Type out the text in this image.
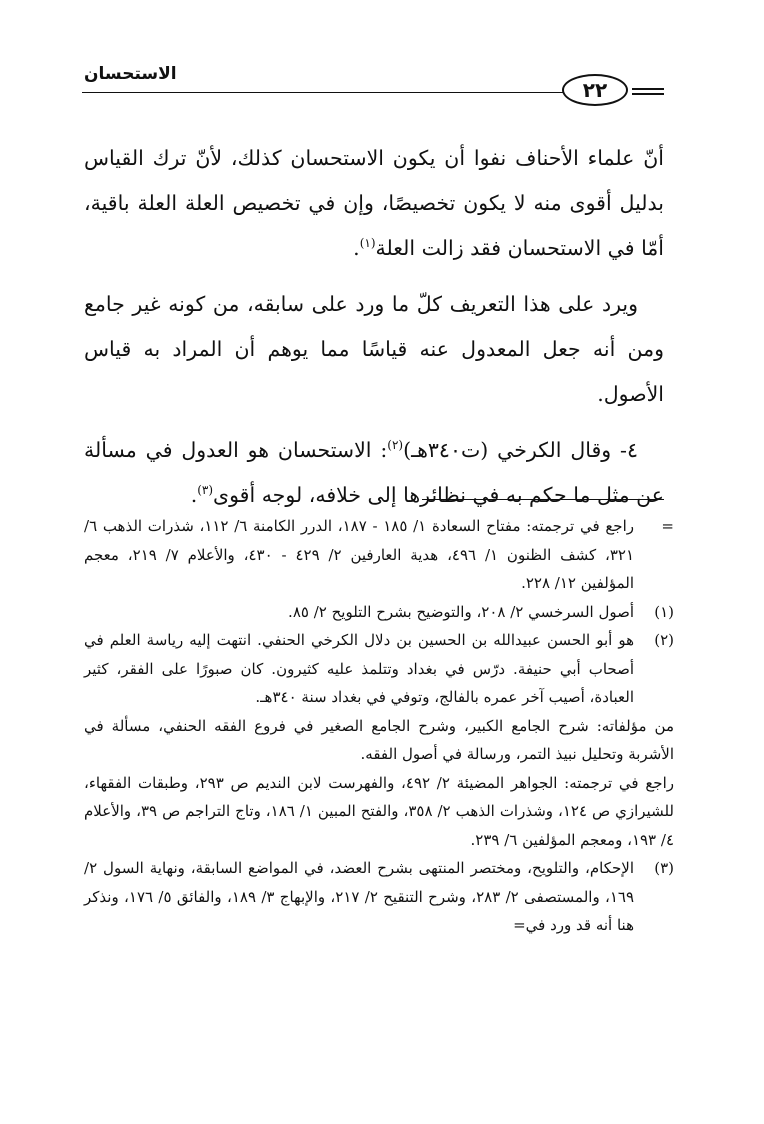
الاستحسان
٢٢

أنّ علماء الأحناف نفوا أن يكون الاستحسان كذلك، لأنّ ترك القياس بدليل أقوى منه لا يكون تخصيصًا، وإن في تخصيص العلة العلة باقية، أمّا في الاستحسان فقد زالت العلة$^{(١)}$.

ويرد على هذا التعريف كلّ ما ورد على سابقه، من كونه غير جامع ومن أنه جعل المعدول عنه قياسًا مما يوهم أن المراد به قياس الأصول.

٤- وقال الكرخي (ت٣٤٠هـ)$^{(٢)}$: الاستحسان هو العدول في مسألة عن مثل ما حكم به في نظائرها إلى خلافه، لوجه أقوى$^{(٣)}$.

=
راجع في ترجمته: مفتاح السعادة ١/ ١٨٥ - ١٨٧، الدرر الكامنة ٦/ ١١٢، شذرات الذهب ٦/ ٣٢١، كشف الظنون ١/ ٤٩٦، هدية العارفين ٢/ ٤٢٩ - ٤٣٠، والأعلام ٧/ ٢١٩، معجم المؤلفين ١٢/ ٢٢٨.
(١)
أصول السرخسي ٢/ ٢٠٨، والتوضيح بشرح التلويح ٢/ ٨٥.
(٢)
هو أبو الحسن عبيدالله بن الحسين بن دلال الكرخي الحنفي. انتهت إليه رياسة العلم في أصحاب أبي حنيفة. درّس في بغداد وتتلمذ عليه كثيرون. كان صبورًا على الفقر، كثير العبادة، أصيب آخر عمره بالفالج، وتوفي في بغداد سنة ٣٤٠هـ.
من مؤلفاته: شرح الجامع الكبير، وشرح الجامع الصغير في فروع الفقه الحنفي، مسألة في الأشربة وتحليل نبيذ التمر، ورسالة في أصول الفقه.
راجع في ترجمته: الجواهر المضيئة ٢/ ٤٩٢، والفهرست لابن النديم ص ٢٩٣، وطبقات الفقهاء، للشيرازي ص ١٢٤، وشذرات الذهب ٢/ ٣٥٨، والفتح المبين ١/ ١٨٦، وتاج التراجم ص ٣٩، والأعلام ٤/ ١٩٣، ومعجم المؤلفين ٦/ ٢٣٩.
(٣)
الإحكام، والتلويح، ومختصر المنتهى بشرح العضد، في المواضع السابقة، ونهاية السول ٢/ ١٦٩، والمستصفى ٢/ ٢٨٣، وشرح التنقيح ٢/ ٢١٧، والإبهاج ٣/ ١٨٩، والفائق ٥/ ١٧٦، ونذكر هنا أنه قد ورد في=
